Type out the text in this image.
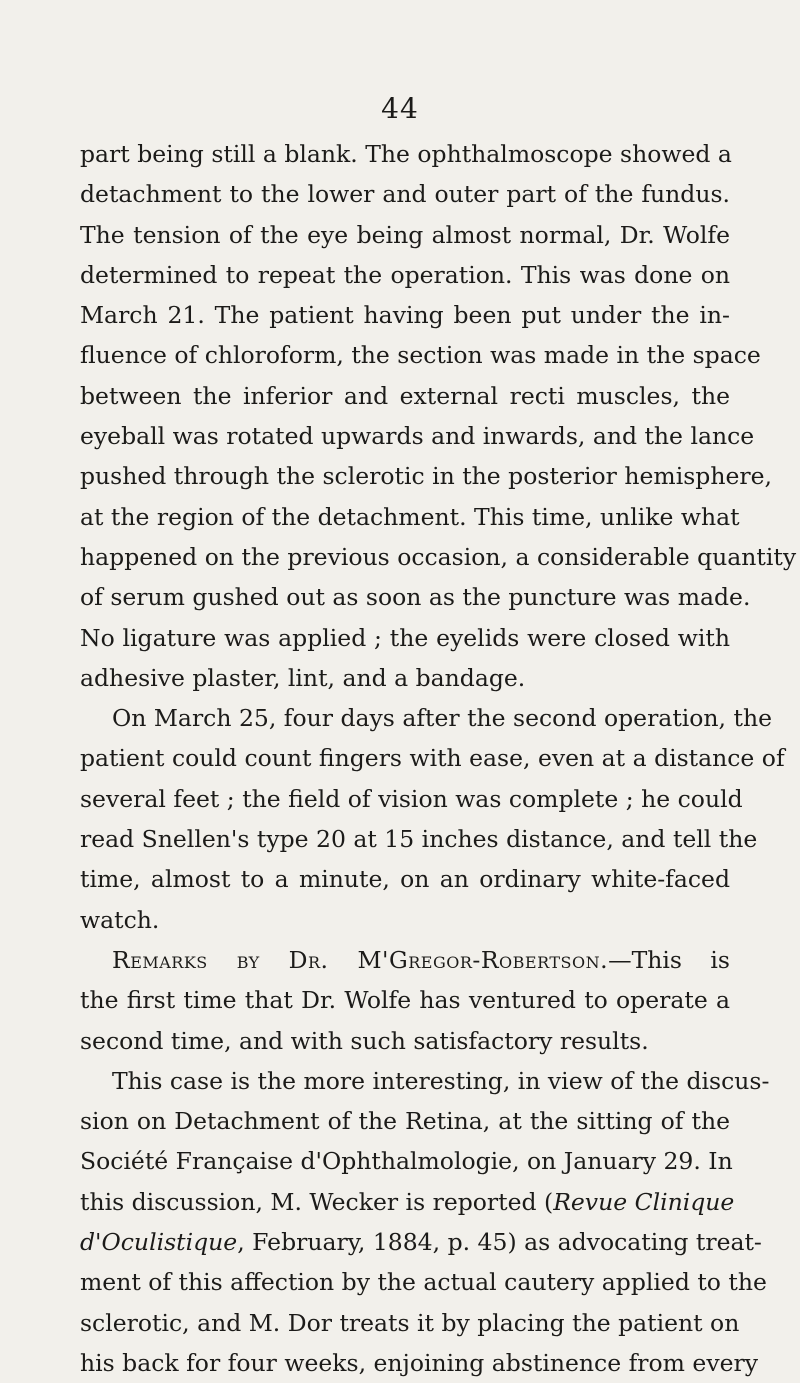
44
part being still a blank. The ophthalmoscope showed a
detachment to the lower and outer part of the fundus.
The tension of the eye being almost normal, Dr. Wolfe
determined to repeat the operation. This was done on
March 21. The patient having been put under the in-
fluence of chloroform, the section was made in the space
between the inferior and external recti muscles, the
eyeball was rotated upwards and inwards, and the lance
pushed through the sclerotic in the posterior hemisphere,
at the region of the detachment. This time, unlike what
happened on the previous occasion, a considerable quantity
of serum gushed out as soon as the puncture was made.
No ligature was applied ; the eyelids were closed with
adhesive plaster, lint, and a bandage.
On March 25, four days after the second operation, the
patient could count fingers with ease, even at a distance of
several feet ; the field of vision was complete ; he could
read Snellen's type 20 at 15 inches distance, and tell the
time, almost to a minute, on an ordinary white-faced
watch.
Remarks by Dr. M'Gregor-Robertson.—This is
the first time that Dr. Wolfe has ventured to operate a
second time, and with such satisfactory results.
This case is the more interesting, in view of the discus-
sion on Detachment of the Retina, at the sitting of the
Société Française d'Ophthalmologie, on January 29. In
this discussion, M. Wecker is reported (Revue Clinique
d'Oculistique, February, 1884, p. 45) as advocating treat-
ment of this affection by the actual cautery applied to the
sclerotic, and M. Dor treats it by placing the patient on
his back for four weeks, enjoining abstinence from every
